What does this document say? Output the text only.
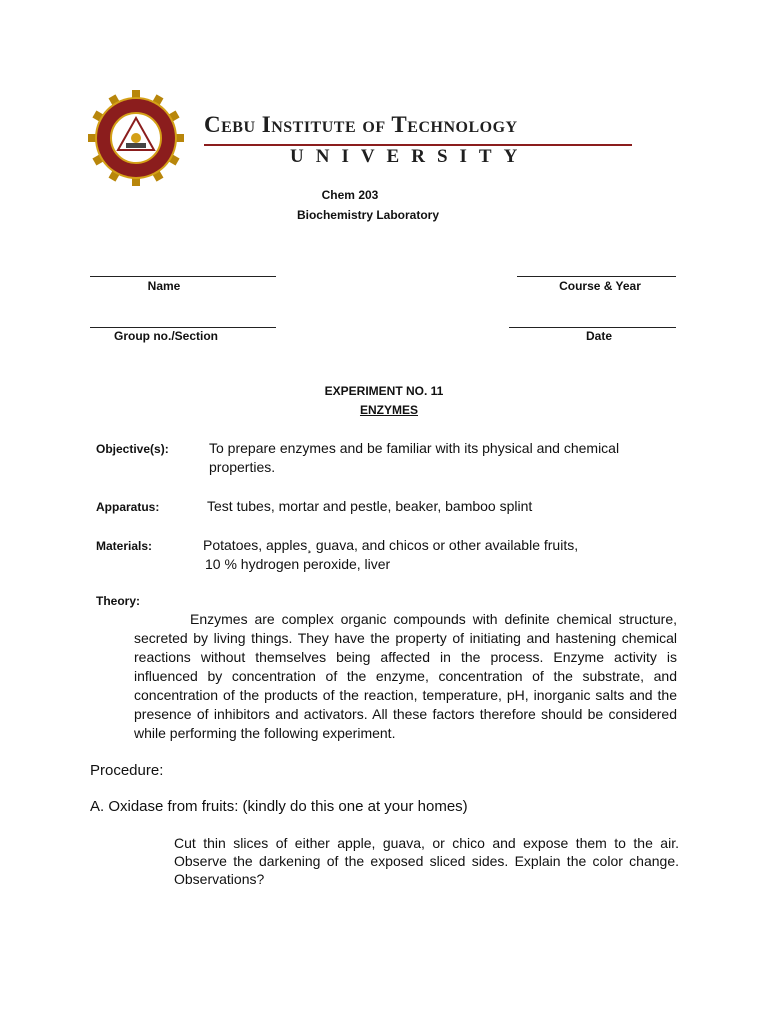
Cebu Institute of Technology
UNIVERSITY
Chem 203
Biochemistry Laboratory
Name	Course & Year
Group no./Section	Date
EXPERIMENT NO. 11
ENZYMES
Objective(s):	To prepare enzymes and be familiar with its physical and chemical properties.
Apparatus:	Test tubes, mortar and pestle, beaker, bamboo splint
Materials:	Potatoes, apples¸ guava, and chicos or other available fruits,
10 % hydrogen peroxide, liver
Theory:
Enzymes are complex organic compounds with definite chemical structure, secreted by living things. They have the property of initiating and hastening chemical reactions without themselves being affected in the process. Enzyme activity is influenced by concentration of the enzyme, concentration of the substrate, and concentration of the products of the reaction, temperature, pH, inorganic salts and the presence of inhibitors and activators. All these factors therefore should be considered while performing the following experiment.
Procedure:
A. Oxidase from fruits: (kindly do this one at your homes)
Cut thin slices of either apple, guava, or chico and expose them to the air. Observe the darkening of the exposed sliced sides. Explain the color change. Observations?
